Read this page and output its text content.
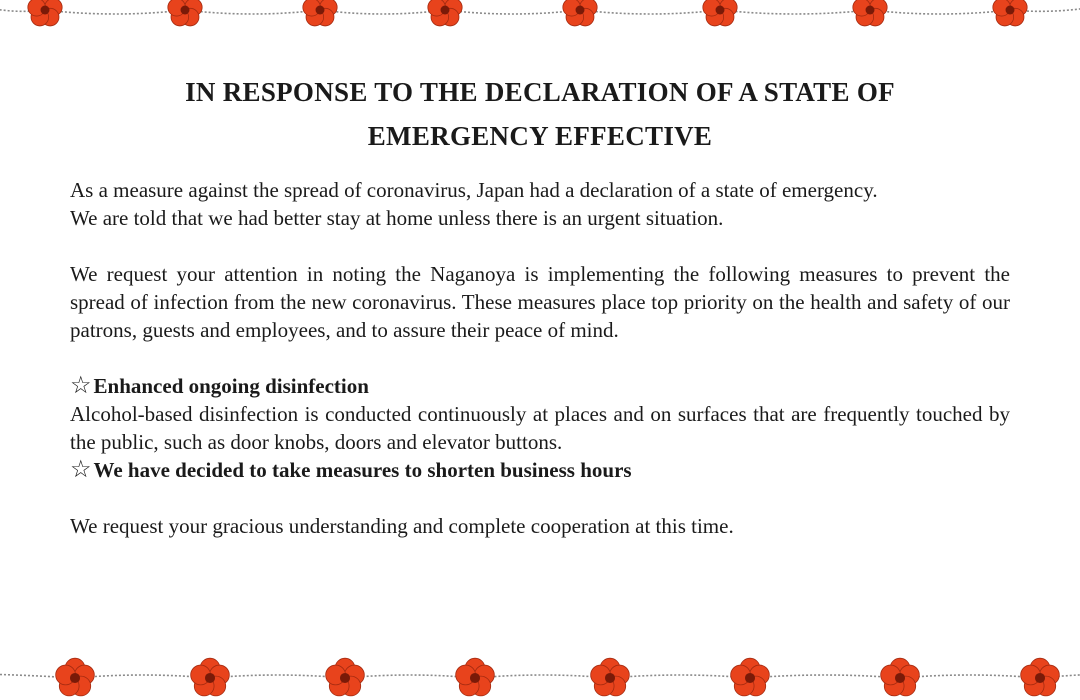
IN RESPONSE TO THE DECLARATION OF A STATE OF
EMERGENCY EFFECTIVE

As a measure against the spread of coronavirus, Japan had a declaration of a state of emergency.
We are told that we had better stay at home unless there is an urgent situation.

We request your attention in noting the Naganoya is implementing the following measures to prevent the spread of infection from the new coronavirus. These measures place top priority on the health and safety of our patrons, guests and employees, and to assure their peace of mind.

☆Enhanced ongoing disinfection

Alcohol-based disinfection is conducted continuously at places and on surfaces that are frequently touched by the public, such as door knobs, doors and elevator buttons.

☆We have decided to take measures to shorten business hours

We request your gracious understanding and complete cooperation at this time.
